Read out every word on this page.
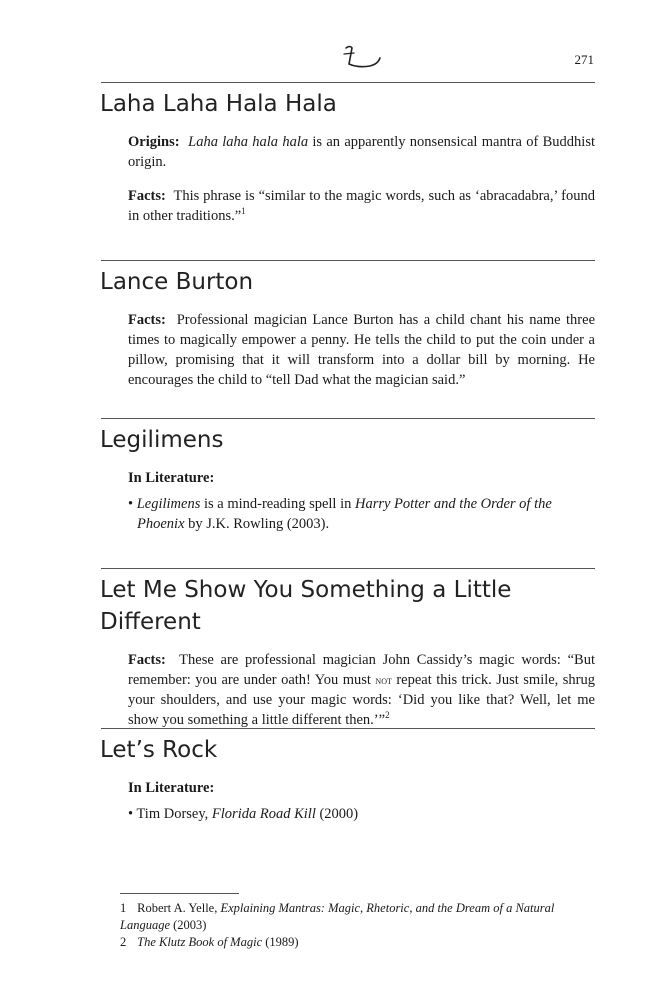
271
Laha Laha Hala Hala

Origins: Laha laha hala hala is an apparently nonsensical mantra of Buddhist origin.

Facts: This phrase is “similar to the magic words, such as ‘abracadabra,’ found in other traditions.”$^1$

Lance Burton

Facts: Professional magician Lance Burton has a child chant his name three times to magically empower a penny. He tells the child to put the coin under a pillow, promising that it will transform into a dollar bill by morning. He encourages the child to “tell Dad what the magician said.”

Legilimens

In Literature:

• Legilimens is a mind-reading spell in Harry Potter and the Order of the Phoenix by J.K. Rowling (2003).

Let Me Show You Something a Little Different

Facts: These are professional magician John Cassidy’s magic words: “But remember: you are under oath! You must not repeat this trick. Just smile, shrug your shoulders, and use your magic words: ‘Did you like that? Well, let me show you something a little different then.’”$^2$

Let’s Rock

In Literature:

• Tim Dorsey, Florida Road Kill (2000)

1 Robert A. Yelle, Explaining Mantras: Magic, Rhetoric, and the Dream of a Natural Language (2003)

2 The Klutz Book of Magic (1989)
